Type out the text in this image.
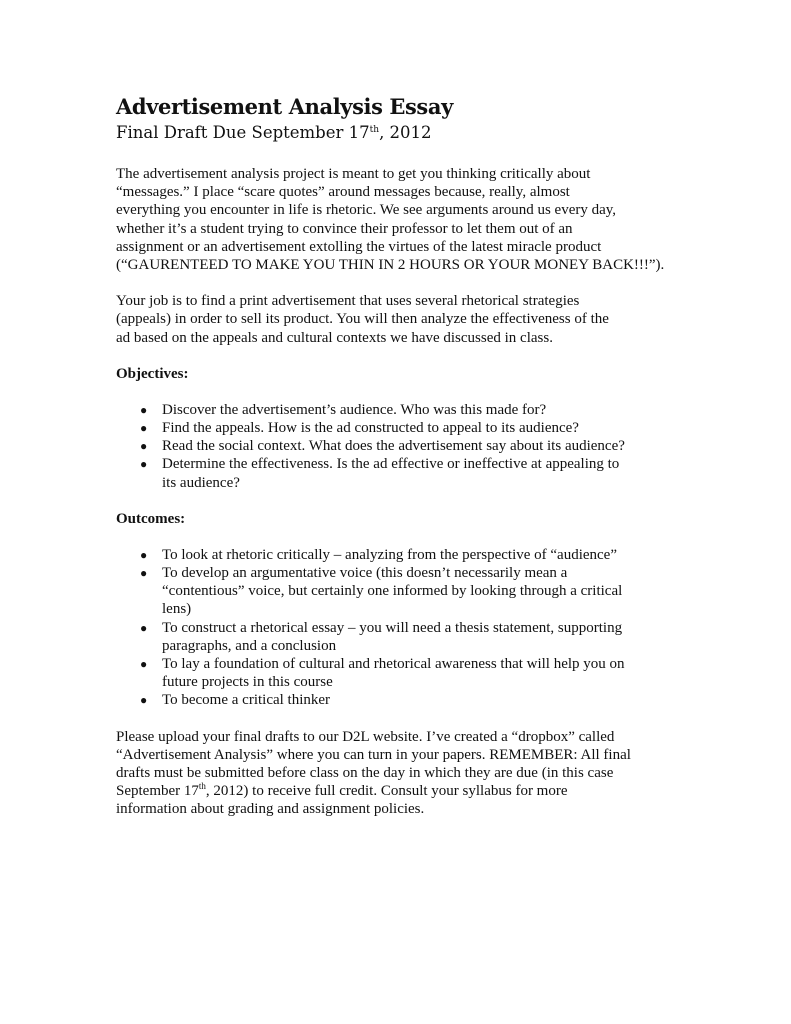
Advertisement Analysis Essay

Final Draft Due September 17th, 2012

The advertisement analysis project is meant to get you thinking critically about
“messages.” I place “scare quotes” around messages because, really, almost
everything you encounter in life is rhetoric. We see arguments around us every day,
whether it’s a student trying to convince their professor to let them out of an
assignment or an advertisement extolling the virtues of the latest miracle product
(“GAURENTEED TO MAKE YOU THIN IN 2 HOURS OR YOUR MONEY BACK!!!”).
Your job is to find a print advertisement that uses several rhetorical strategies
(appeals) in order to sell its product. You will then analyze the effectiveness of the
ad based on the appeals and cultural contexts we have discussed in class.
Objectives:
● Discover the advertisement’s audience. Who was this made for?
● Find the appeals. How is the ad constructed to appeal to its audience?
● Read the social context. What does the advertisement say about its audience?
● Determine the effectiveness. Is the ad effective or ineffective at appealing to
its audience?
Outcomes:
● To look at rhetoric critically – analyzing from the perspective of “audience”
● To develop an argumentative voice (this doesn’t necessarily mean a
“contentious” voice, but certainly one informed by looking through a critical
lens)
● To construct a rhetorical essay – you will need a thesis statement, supporting
paragraphs, and a conclusion
● To lay a foundation of cultural and rhetorical awareness that will help you on
future projects in this course
● To become a critical thinker
Please upload your final drafts to our D2L website. I’ve created a “dropbox” called
“Advertisement Analysis” where you can turn in your papers. REMEMBER: All final
drafts must be submitted before class on the day in which they are due (in this case
September 17th, 2012) to receive full credit. Consult your syllabus for more
information about grading and assignment policies.
